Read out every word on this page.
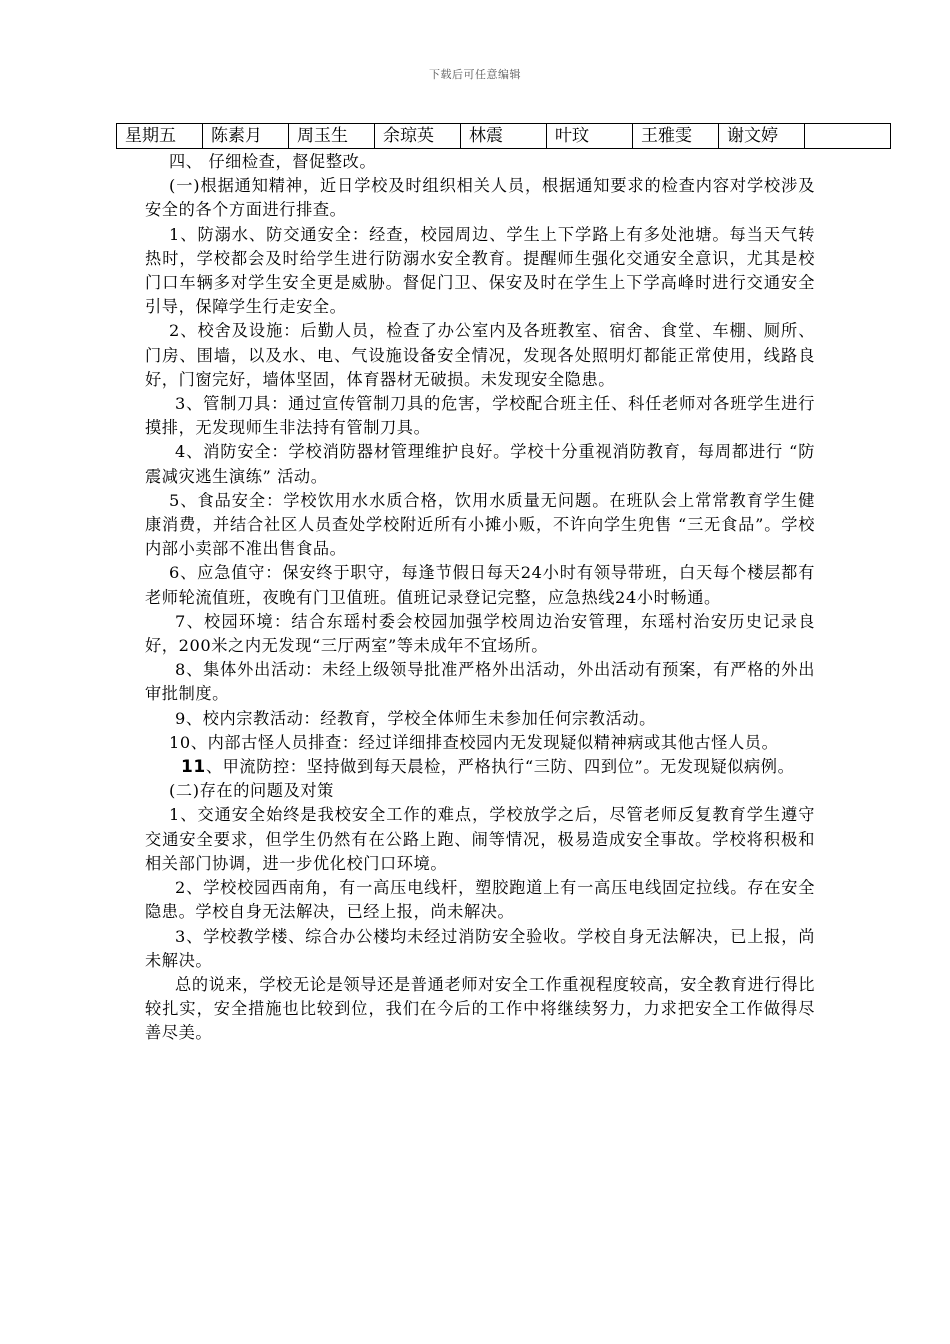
下载后可任意编辑
星期五	陈素月	周玉生	余琼英	林震	叶玟	王雅雯	谢文婷	

四、 仔细检查，督促整改。

(一)根据通知精神，近日学校及时组织相关人员，根据通知要求的检查内容对学校涉及安全的各个方面进行排查。

1、防溺水、防交通安全：经查，校园周边、学生上下学路上有多处池塘。每当天气转热时，学校都会及时给学生进行防溺水安全教育。提醒师生强化交通安全意识，尤其是校门口车辆多对学生安全更是威胁。督促门卫、保安及时在学生上下学高峰时进行交通安全引导，保障学生行走安全。

2、校舍及设施：后勤人员，检查了办公室内及各班教室、宿舍、食堂、车棚、厕所、门房、围墙，以及水、电、气设施设备安全情况，发现各处照明灯都能正常使用，线路良好，门窗完好，墙体坚固，体育器材无破损。未发现安全隐患。

3、管制刀具：通过宣传管制刀具的危害，学校配合班主任、科任老师对各班学生进行摸排，无发现师生非法持有管制刀具。

4、消防安全：学校消防器材管理维护良好。学校十分重视消防教育，每周都进行 “防震减灾逃生演练” 活动。

5、食品安全：学校饮用水水质合格，饮用水质量无问题。在班队会上常常教育学生健康消费，并结合社区人员查处学校附近所有小摊小贩，不许向学生兜售 “三无食品”。学校内部小卖部不准出售食品。

6、应急值守：保安终于职守，每逢节假日每天24小时有领导带班，白天每个楼层都有老师轮流值班，夜晚有门卫值班。值班记录登记完整，应急热线24小时畅通。

7、校园环境：结合东瑶村委会校园加强学校周边治安管理，东瑶村治安历史记录良好，200米之内无发现“三厅两室”等未成年不宜场所。

8、集体外出活动：未经上级领导批准严格外出活动，外出活动有预案，有严格的外出审批制度。

9、校内宗教活动：经教育，学校全体师生未参加任何宗教活动。

10、内部古怪人员排查：经过详细排查校园内无发现疑似精神病或其他古怪人员。

11、甲流防控：坚持做到每天晨检，严格执行“三防、四到位”。无发现疑似病例。

(二)存在的问题及对策

1、交通安全始终是我校安全工作的难点，学校放学之后，尽管老师反复教育学生遵守交通安全要求，但学生仍然有在公路上跑、闹等情况，极易造成安全事故。学校将积极和相关部门协调，进一步优化校门口环境。

2、学校校园西南角，有一高压电线杆，塑胶跑道上有一高压电线固定拉线。存在安全隐患。学校自身无法解决，已经上报，尚未解决。

3、学校教学楼、综合办公楼均未经过消防安全验收。学校自身无法解决，已上报，尚未解决。

总的说来，学校无论是领导还是普通老师对安全工作重视程度较高，安全教育进行得比较扎实，安全措施也比较到位，我们在今后的工作中将继续努力，力求把安全工作做得尽善尽美。
